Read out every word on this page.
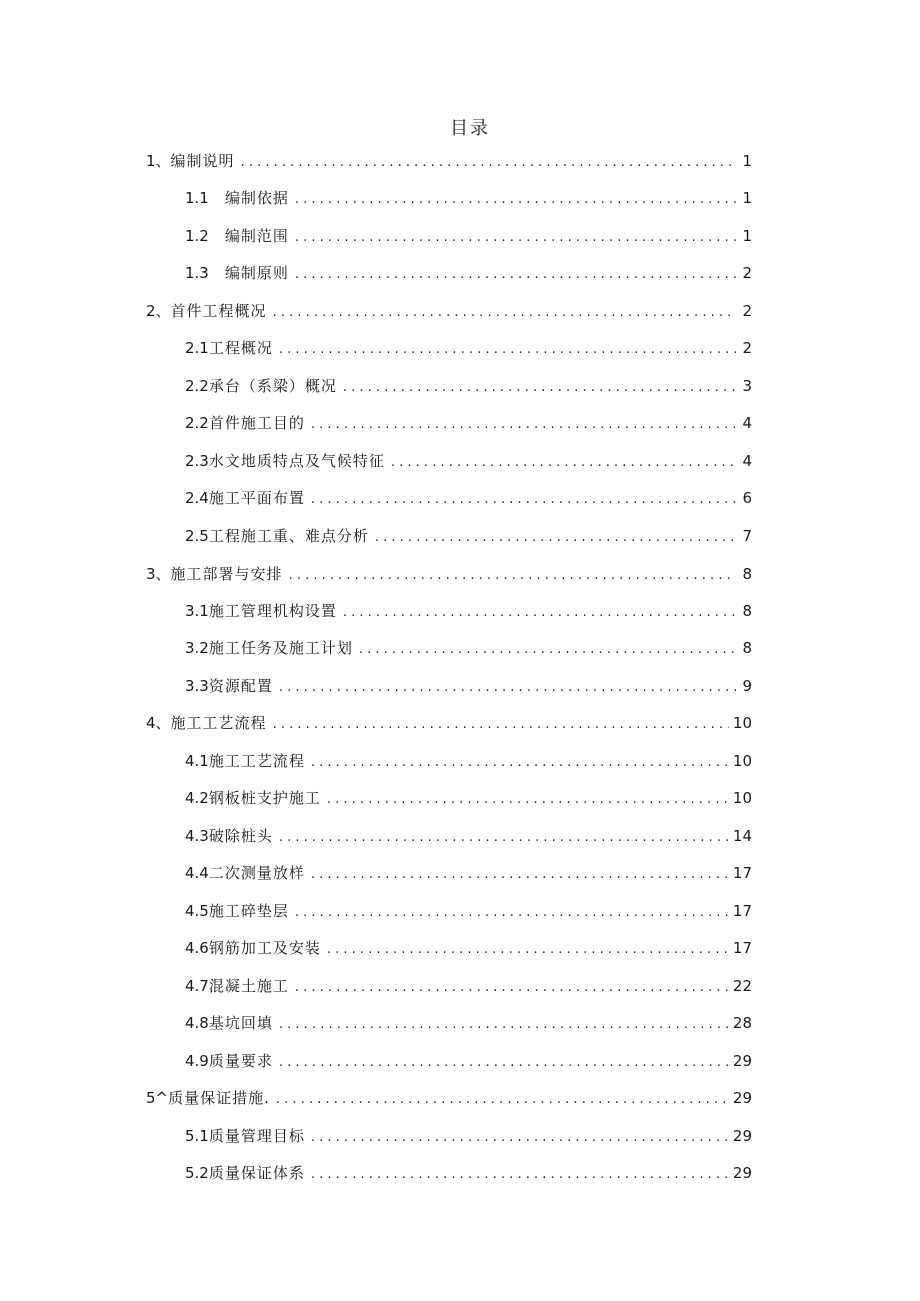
目录
1、 编制说明 . . .	1
1.1 编制依据 . . .	1
1.2 编制范围 . . .	1
1.3 编制原则 . . .	2
2、 首件工程概况 . . .	2
2.1 工程概况 . . .	2
2.2 承台（系梁）概况 . . .	3
2.2 首件施工目的 . . .	4
2.3 水文地质特点及气候特征 . . .	4
2.4 施工平面布置 . . .	6
2.5 工程施工重、难点分析 . . .	7
3、 施工部署与安排 . . .	8
3.1 施工管理机构设置 . . .	8
3.2 施工任务及施工计划 . . .	8
3.3 资源配置 . . .	9
4、 施工工艺流程 . . .	10
4.1 施工工艺流程 . . .	10
4.2 钢板桩支护施工 . . .	10
4.3 破除桩头 . . .	14
4.4 二次测量放样 . . .	17
4.5 施工碎垫层 . . .	17
4.6 钢筋加工及安装 . . .	17
4.7 混凝土施工 . . .	22
4.8 基坑回填 . . .	28
4.9 质量要求 . . .	29
5^ 质量保证措施. . . .	29
5.1 质量管理目标 . . .	29
5.2 质量保证体系 . . .	29
